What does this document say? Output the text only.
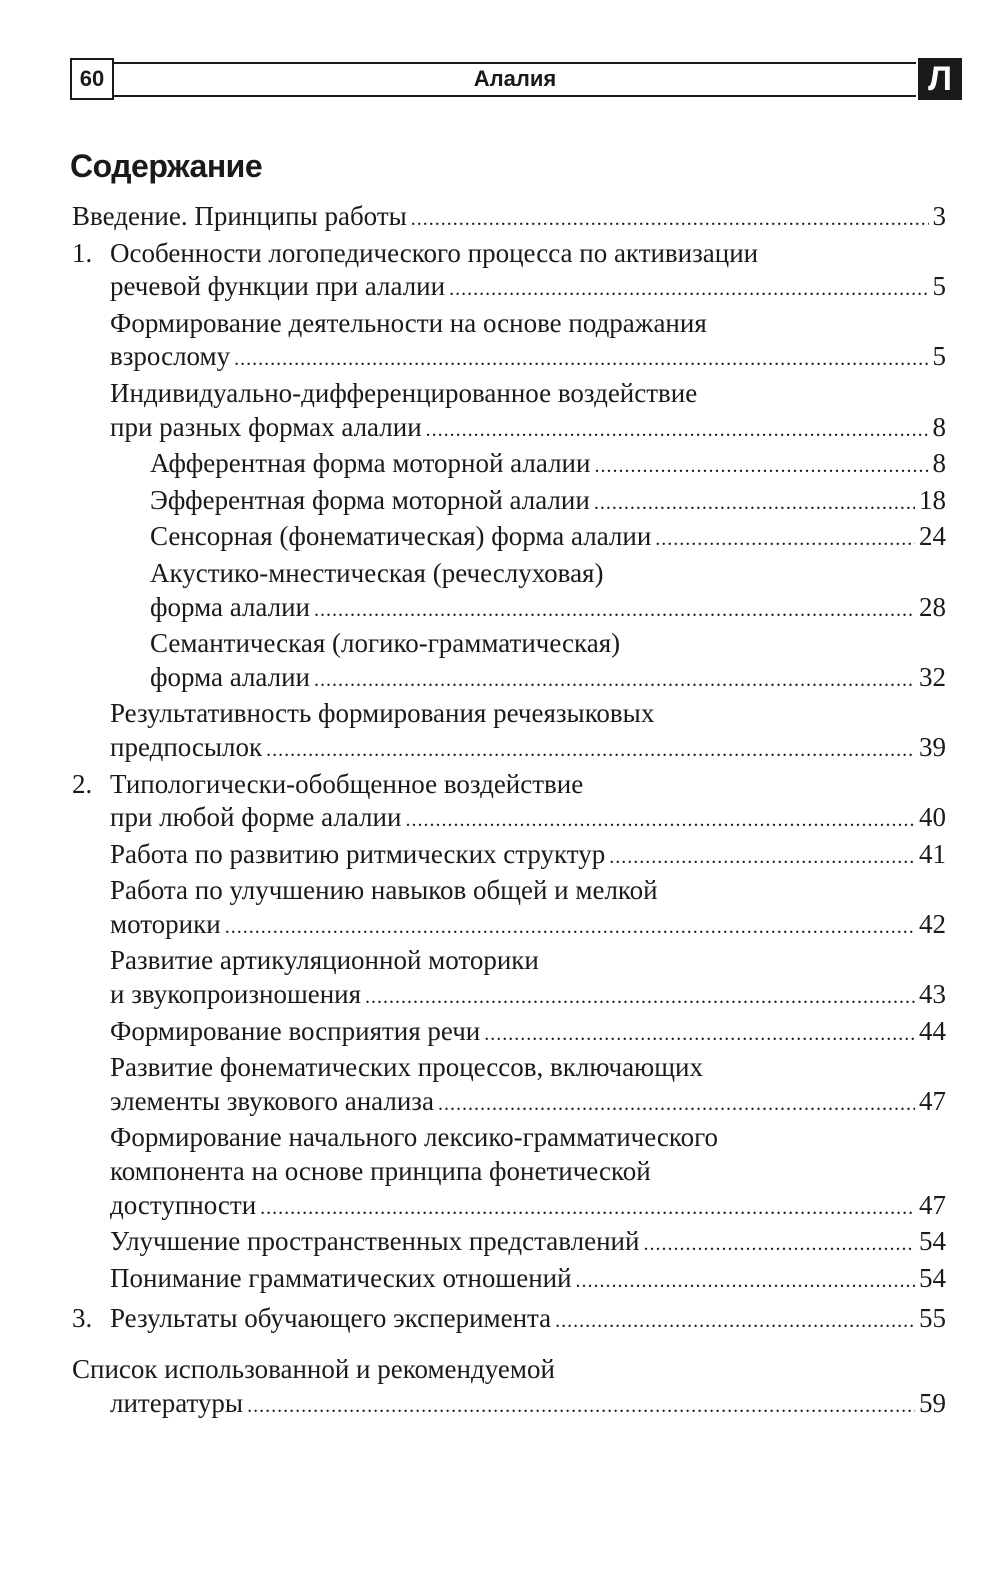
60	Алалия	Л
Содержание
Введение. Принципы работы .....	3
1. Особенности логопедического процесса по активизации
речевой функции при алалии .....	5
Формирование деятельности на основе подражания
взрослому .....	5
Индивидуально-дифференцированное воздействие
при разных формах алалии .....	8
Афферентная форма моторной алалии .....	8
Эфферентная форма моторной алалии .....	18
Сенсорная (фонематическая) форма алалии .....	24
Акустико-мнестическая (речеслуховая)
форма алалии .....	28
Семантическая (логико-грамматическая)
форма алалии .....	32
Результативность формирования речеязыковых
предпосылок .....	39
2. Типологически-обобщенное воздействие
при любой форме алалии .....	40
Работа по развитию ритмических структур .....	41
Работа по улучшению навыков общей и мелкой
моторики .....	42
Развитие артикуляционной моторики
и звукопроизношения .....	43
Формирование восприятия речи .....	44
Развитие фонематических процессов, включающих
элементы звукового анализа .....	47
Формирование начального лексико-грамматического
компонента на основе принципа фонетической
доступности .....	47
Улучшение пространственных представлений .....	54
Понимание грамматических отношений .....	54
3. Результаты обучающего эксперимента .....	55
Список использованной и рекомендуемой
литературы .....	59
